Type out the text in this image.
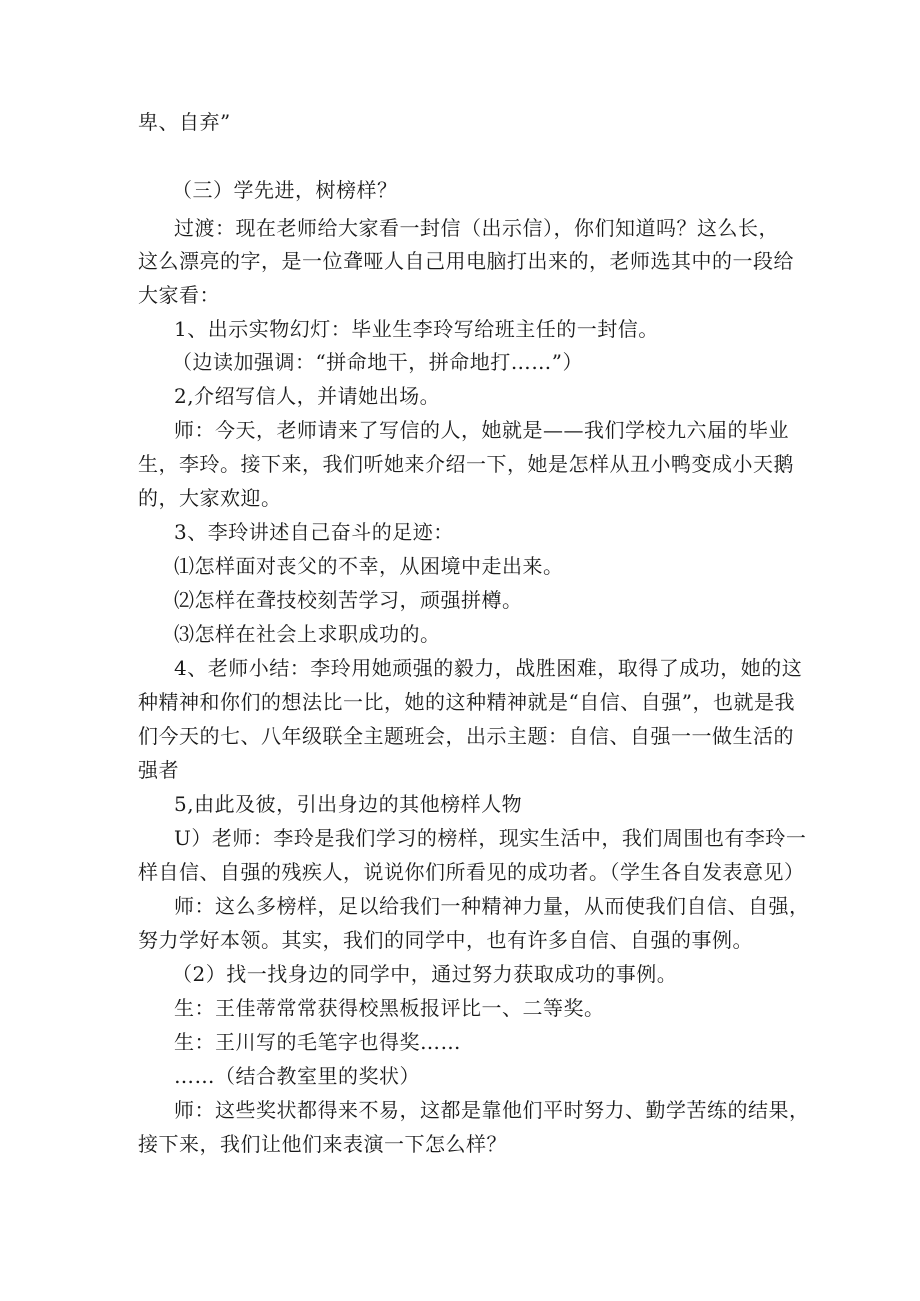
卑、自弃”
（三）学先进，树榜样？
过渡：现在老师给大家看一封信（出示信），你们知道吗？这么长，
这么漂亮的字，是一位聋哑人自己用电脑打出来的，老师选其中的一段给
大家看：
1、出示实物幻灯：毕业生李玲写给班主任的一封信。
（边读加强调：“拼命地干，拼命地打……”）
2,介绍写信人，并请她出场。
师：今天，老师请来了写信的人，她就是——我们学校九六届的毕业
生，李玲。接下来，我们听她来介绍一下，她是怎样从丑小鸭变成小天鹅
的，大家欢迎。
3、李玲讲述自己奋斗的足迹：
⑴怎样面对丧父的不幸，从困境中走出来。
⑵怎样在聋技校刻苦学习，顽强拼樽。
⑶怎样在社会上求职成功的。
4、老师小结：李玲用她顽强的毅力，战胜困难，取得了成功，她的这
种精神和你们的想法比一比，她的这种精神就是“自信、自强”，也就是我
们今天的七、八年级联全主题班会，出示主题：自信、自强一一做生活的
强者
5,由此及彼，引出身边的其他榜样人物
U）老师：李玲是我们学习的榜样，现实生活中，我们周围也有李玲一
样自信、自强的残疾人，说说你们所看见的成功者。（学生各自发表意见）
师：这么多榜样，足以给我们一种精神力量，从而使我们自信、自强，
努力学好本领。其实，我们的同学中，也有许多自信、自强的事例。
（2）找一找身边的同学中，通过努力获取成功的事例。
生：王佳蒂常常获得校黑板报评比一、二等奖。
生：王川写的毛笔字也得奖……
……（结合教室里的奖状）
师：这些奖状都得来不易，这都是靠他们平时努力、勤学苦练的结果，
接下来，我们让他们来表演一下怎么样？
